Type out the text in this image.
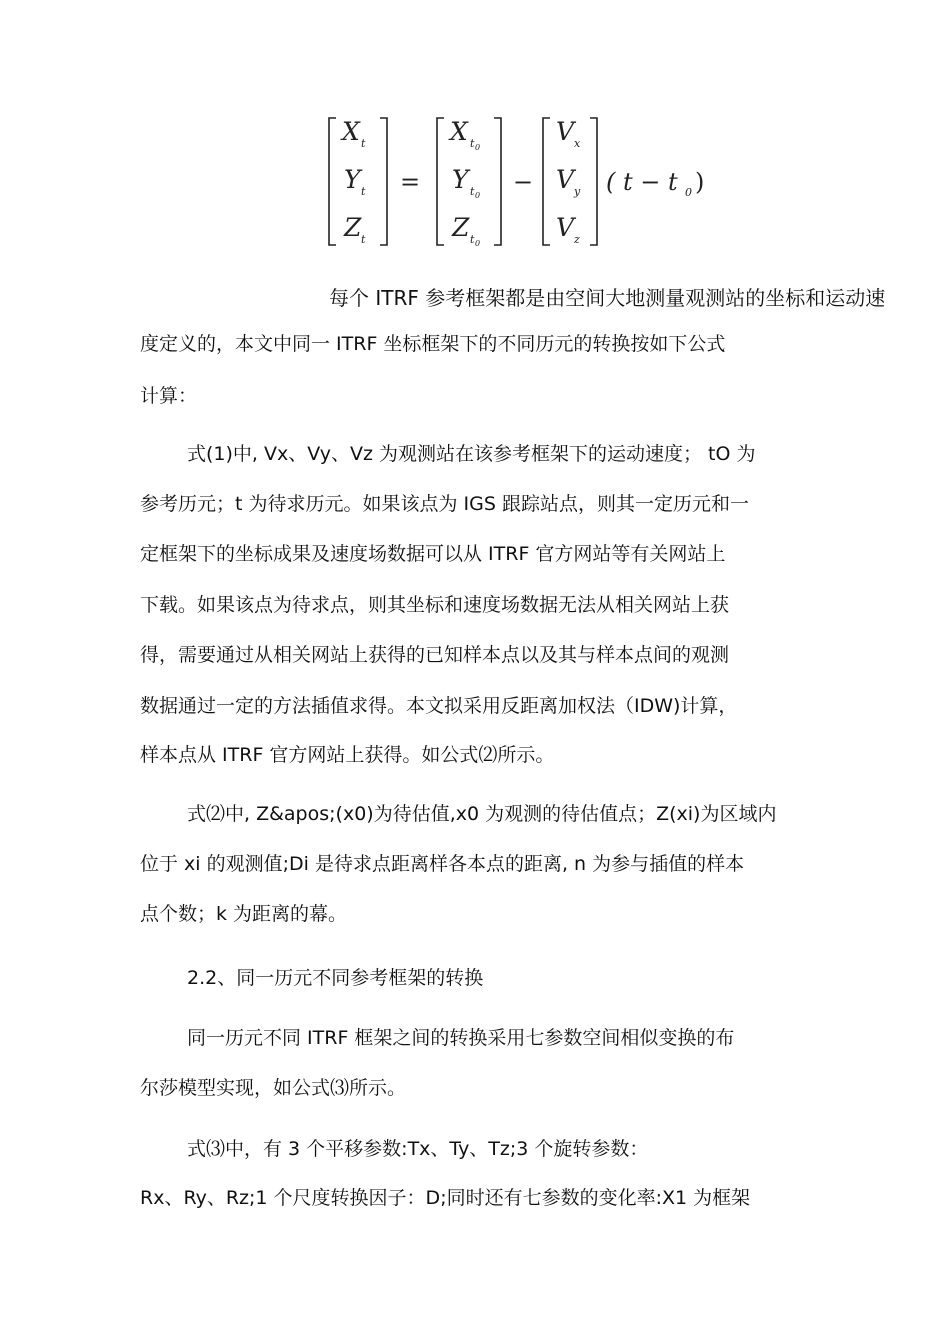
X t
Y t
Z t
=
X t 0
Y t 0
Z t 0
−
V x
V y
V z
( t − t 0 )
每个 ITRF 参考框架都是由空间大地测量观测站的坐标和运动速
度定义的，本文中同一 ITRF 坐标框架下的不同历元的转换按如下公式
计算：
式(1)中, Vx、Vy、Vz 为观测站在该参考框架下的运动速度； tO 为
参考历元；t 为待求历元。如果该点为 IGS 跟踪站点，则其一定历元和一
定框架下的坐标成果及速度场数据可以从 ITRF 官方网站等有关网站上
下载。如果该点为待求点，则其坐标和速度场数据无法从相关网站上获
得，需要通过从相关网站上获得的已知样本点以及其与样本点间的观测
数据通过一定的方法插值求得。本文拟采用反距离加权法（IDW)计算，
样本点从 ITRF 官方网站上获得。如公式⑵所示。
式⑵中, Z&apos;(x0)为待估值,x0 为观测的待估值点；Z(xi)为区域内
位于 xi 的观测值;Di 是待求点距离样各本点的距离, n 为参与插值的样本
点个数；k 为距离的幕。
2.2、同一历元不同参考框架的转换
同一历元不同 ITRF 框架之间的转换采用七参数空间相似变换的布
尔莎模型实现，如公式⑶所示。
式⑶中，有 3 个平移参数:Tx、Ty、Tz;3 个旋转参数：
Rx、Ry、Rz;1 个尺度转换因子：D;同时还有七参数的变化率:X1 为框架
